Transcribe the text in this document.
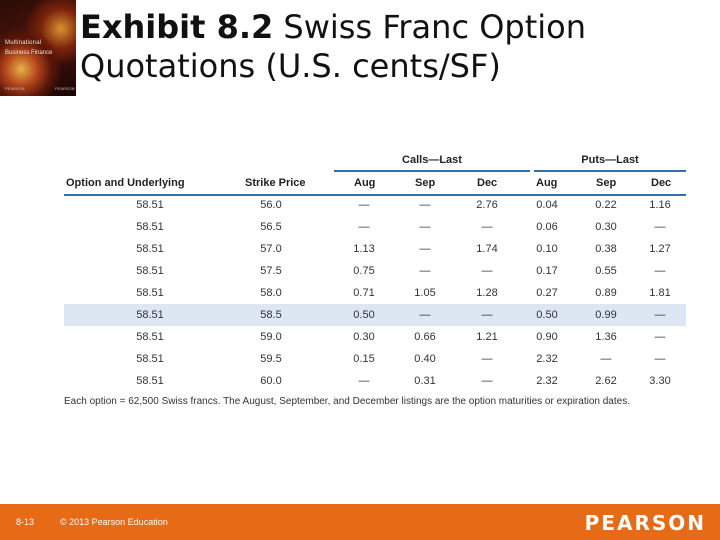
Multinational
Business Finance
PEARSON	PEARSON
Exhibit 8.2 Swiss Franc Option
Quotations (U.S. cents/SF)
Calls—Last	Puts—Last
Option and Underlying	Strike Price	Aug	Sep	Dec	Aug	Sep	Dec
58.51	56.0	—	—	2.76	0.04	0.22	1.16
58.51	56.5	—	—	—	0.06	0.30	—
58.51	57.0	1.13	—	1.74	0.10	0.38	1.27
58.51	57.5	0.75	—	—	0.17	0.55	—
58.51	58.0	0.71	1.05	1.28	0.27	0.89	1.81
58.51	58.5	0.50	—	—	0.50	0.99	—
58.51	59.0	0.30	0.66	1.21	0.90	1.36	—
58.51	59.5	0.15	0.40	—	2.32	—	—
58.51	60.0	—	0.31	—	2.32	2.62	3.30
Each option = 62,500 Swiss francs. The August, September, and December listings are the option maturities or expiration dates.
8-13	© 2013 Pearson Education	PEARSON
